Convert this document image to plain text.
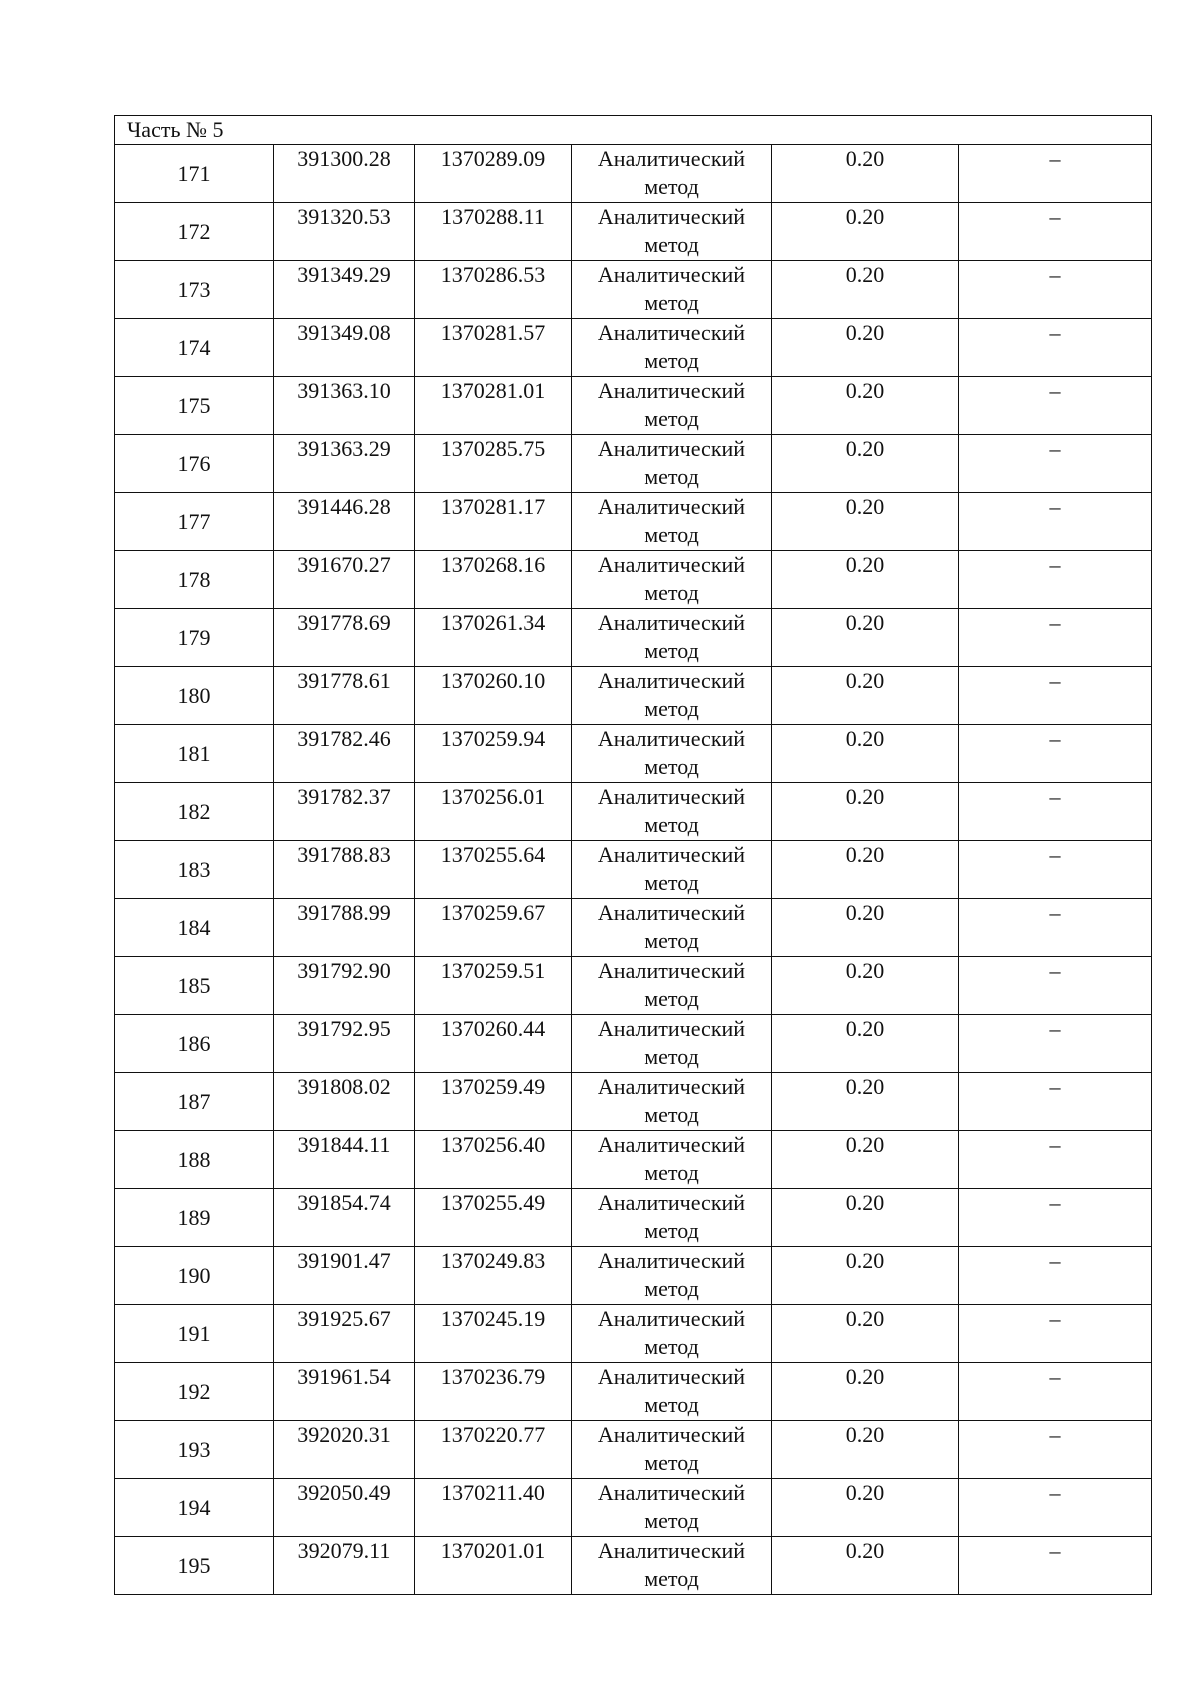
Часть № 5					
171	391300.28	1370289.09	Аналитический метод	0.20	–
172	391320.53	1370288.11	Аналитический метод	0.20	–
173	391349.29	1370286.53	Аналитический метод	0.20	–
174	391349.08	1370281.57	Аналитический метод	0.20	–
175	391363.10	1370281.01	Аналитический метод	0.20	–
176	391363.29	1370285.75	Аналитический метод	0.20	–
177	391446.28	1370281.17	Аналитический метод	0.20	–
178	391670.27	1370268.16	Аналитический метод	0.20	–
179	391778.69	1370261.34	Аналитический метод	0.20	–
180	391778.61	1370260.10	Аналитический метод	0.20	–
181	391782.46	1370259.94	Аналитический метод	0.20	–
182	391782.37	1370256.01	Аналитический метод	0.20	–
183	391788.83	1370255.64	Аналитический метод	0.20	–
184	391788.99	1370259.67	Аналитический метод	0.20	–
185	391792.90	1370259.51	Аналитический метод	0.20	–
186	391792.95	1370260.44	Аналитический метод	0.20	–
187	391808.02	1370259.49	Аналитический метод	0.20	–
188	391844.11	1370256.40	Аналитический метод	0.20	–
189	391854.74	1370255.49	Аналитический метод	0.20	–
190	391901.47	1370249.83	Аналитический метод	0.20	–
191	391925.67	1370245.19	Аналитический метод	0.20	–
192	391961.54	1370236.79	Аналитический метод	0.20	–
193	392020.31	1370220.77	Аналитический метод	0.20	–
194	392050.49	1370211.40	Аналитический метод	0.20	–
195	392079.11	1370201.01	Аналитический метод	0.20	–
